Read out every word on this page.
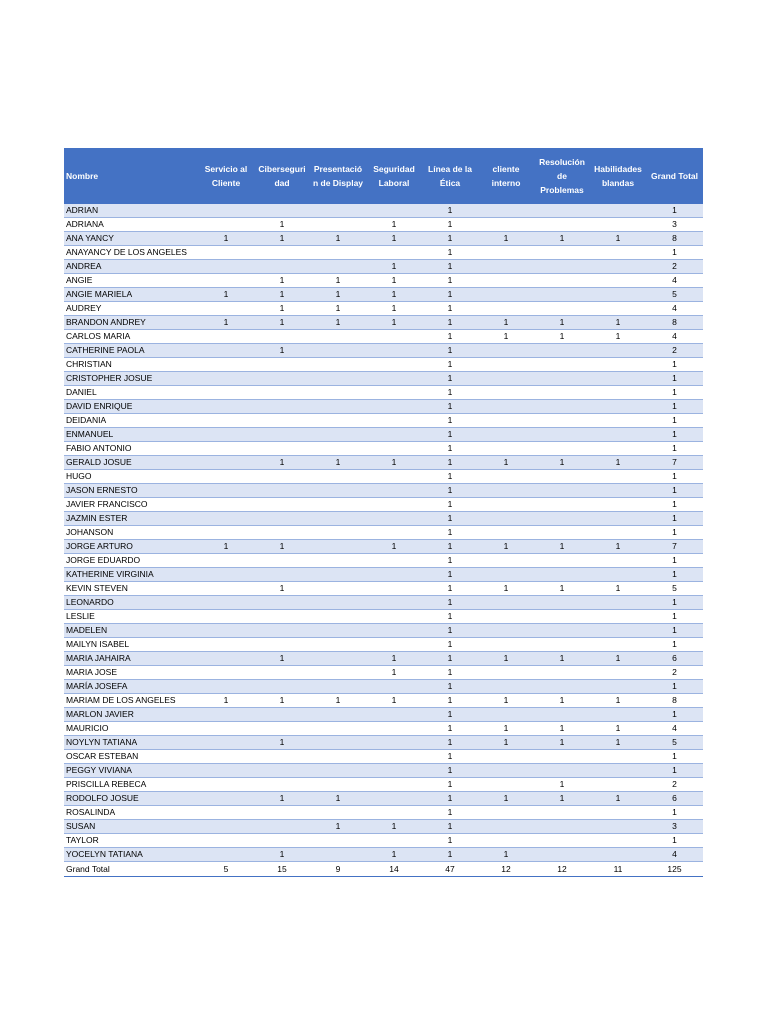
Nombre	Servicio al Cliente	Ciberseguridad	Presentación de Display	Seguridad Laboral	Línea de la Ética	cliente interno	Resolución de Problemas	Habilidades blandas	Grand Total
ADRIAN					1				1
ADRIANA		1		1	1				3
ANA YANCY	1	1	1	1	1	1	1	1	8
ANAYANCY DE LOS ANGELES					1				1
ANDREA				1	1				2
ANGIE		1	1	1	1				4
ANGIE MARIELA	1	1	1	1	1				5
AUDREY		1	1	1	1				4
BRANDON ANDREY	1	1	1	1	1	1	1	1	8
CARLOS MARIA					1	1	1	1	4
CATHERINE PAOLA		1			1				2
CHRISTIAN					1				1
CRISTOPHER JOSUE					1				1
DANIEL					1				1
DAVID ENRIQUE					1				1
DEIDANIA					1				1
ENMANUEL					1				1
FABIO ANTONIO					1				1
GERALD JOSUE		1	1	1	1	1	1	1	7
HUGO					1				1
JASON ERNESTO					1				1
JAVIER FRANCISCO					1				1
JAZMIN ESTER					1				1
JOHANSON					1				1
JORGE ARTURO	1	1		1	1	1	1	1	7
JORGE EDUARDO					1				1
KATHERINE VIRGINIA					1				1
KEVIN STEVEN		1			1	1	1	1	5
LEONARDO					1				1
LESLIE					1				1
MADELEN					1				1
MAILYN ISABEL					1				1
MARIA JAHAIRA		1		1	1	1	1	1	6
MARIA JOSE				1	1				2
MARÍA JOSEFA					1				1
MARIAM DE LOS ANGELES	1	1	1	1	1	1	1	1	8
MARLON JAVIER					1				1
MAURICIO					1	1	1	1	4
NOYLYN TATIANA		1			1	1	1	1	5
OSCAR ESTEBAN					1				1
PEGGY VIVIANA					1				1
PRISCILLA REBECA					1		1		2
RODOLFO JOSUE		1	1		1	1	1	1	6
ROSALINDA					1				1
SUSAN			1	1	1				3
TAYLOR					1				1
YOCELYN TATIANA		1		1	1	1			4
Grand Total	5	15	9	14	47	12	12	11	125
